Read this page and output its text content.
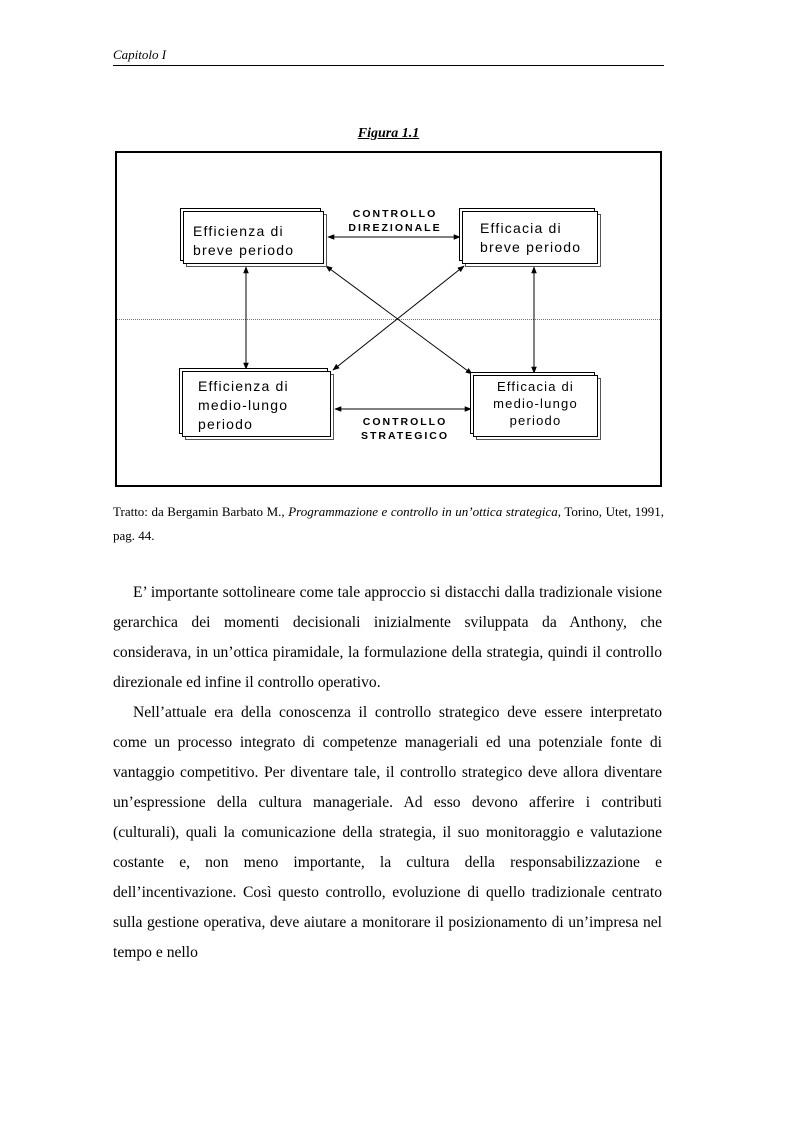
Capitolo I
Figura 1.1
Efficienza di
breve periodo
Efficacia di
breve periodo
Efficienza di
medio-lungo
periodo
Efficacia di
medio-lungo
periodo
CONTROLLO
DIREZIONALE
CONTROLLO
STRATEGICO
Tratto: da Bergamin Barbato M., Programmazione e controllo in un’ottica strategica, Torino, Utet, 1991, pag. 44.

E’ importante sottolineare come tale approccio si distacchi dalla tradizionale visione gerarchica dei momenti decisionali inizialmente sviluppata da Anthony, che considerava, in un’ottica piramidale, la formulazione della strategia, quindi il controllo direzionale ed infine il controllo operativo.

Nell’attuale era della conoscenza il controllo strategico deve essere interpretato come un processo integrato di competenze manageriali ed una potenziale fonte di vantaggio competitivo. Per diventare tale, il controllo strategico deve allora diventare un’espressione della cultura manageriale. Ad esso devono afferire i contributi (culturali), quali la comunicazione della strategia, il suo monitoraggio e valutazione costante e, non meno importante, la cultura della responsabilizzazione e dell’incentivazione. Così questo controllo, evoluzione di quello tradizionale centrato sulla gestione operativa, deve aiutare a monitorare il posizionamento di un’impresa nel tempo e nello
